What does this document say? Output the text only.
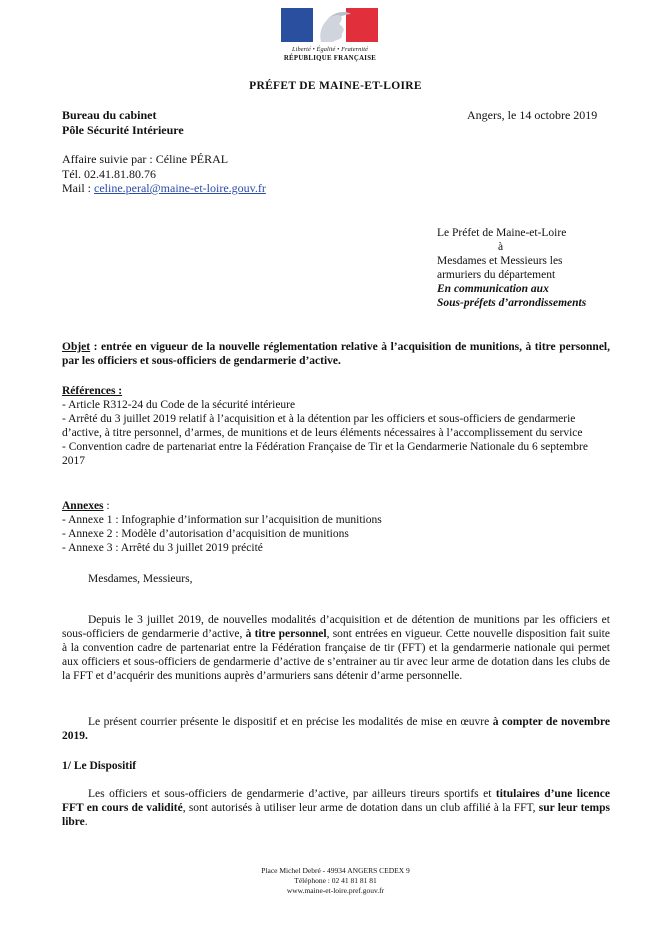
Liberté • Égalité • Fraternité
RÉPUBLIQUE FRANÇAISE
PRÉFET DE MAINE-ET-LOIRE
Bureau du cabinet
Pôle Sécurité Intérieure
Angers, le 14 octobre 2019
Affaire suivie par : Céline PÉRAL
Tél. 02.41.81.80.76
Mail : celine.peral@maine-et-loire.gouv.fr
Le Préfet de Maine-et-Loire
à
Mesdames et Messieurs les
armuriers du département
En communication aux
Sous-préfets d’arrondissements
Objet : entrée en vigueur de la nouvelle réglementation relative à l’acquisition de munitions, à titre personnel, par les officiers et sous-officiers de gendarmerie d’active.
Références :
- Article R312-24 du Code de la sécurité intérieure
- Arrêté du 3 juillet 2019 relatif à l’acquisition et à la détention par les officiers et sous-officiers de gendarmerie d’active, à titre personnel, d’armes, de munitions et de leurs éléments nécessaires à l’accomplissement du service
- Convention cadre de partenariat entre la Fédération Française de Tir et la Gendarmerie Nationale du 6 septembre 2017
Annexes :
- Annexe 1 : Infographie d’information sur l’acquisition de munitions
- Annexe 2 : Modèle d’autorisation d’acquisition de munitions
- Annexe 3 : Arrêté du 3 juillet 2019 précité
Mesdames, Messieurs,
Depuis le 3 juillet 2019, de nouvelles modalités d’acquisition et de détention de munitions par les officiers et sous-officiers de gendarmerie d’active, à titre personnel, sont entrées en vigueur. Cette nouvelle disposition fait suite à la convention cadre de partenariat entre la Fédération française de tir (FFT) et la gendarmerie nationale qui permet aux officiers et sous-officiers de gendarmerie d’active de s’entrainer au tir avec leur arme de dotation dans les clubs de la FFT et d’acquérir des munitions auprès d’armuriers sans détenir d’arme personnelle.
Le présent courrier présente le dispositif et en précise les modalités de mise en œuvre à compter de novembre 2019.
1/ Le Dispositif
Les officiers et sous-officiers de gendarmerie d’active, par ailleurs tireurs sportifs et titulaires d’une licence FFT en cours de validité, sont autorisés à utiliser leur arme de dotation dans un club affilié à la FFT, sur leur temps libre.
Place Michel Debré - 49934 ANGERS CEDEX 9
Téléphone : 02 41 81 81 81
www.maine-et-loire.pref.gouv.fr
